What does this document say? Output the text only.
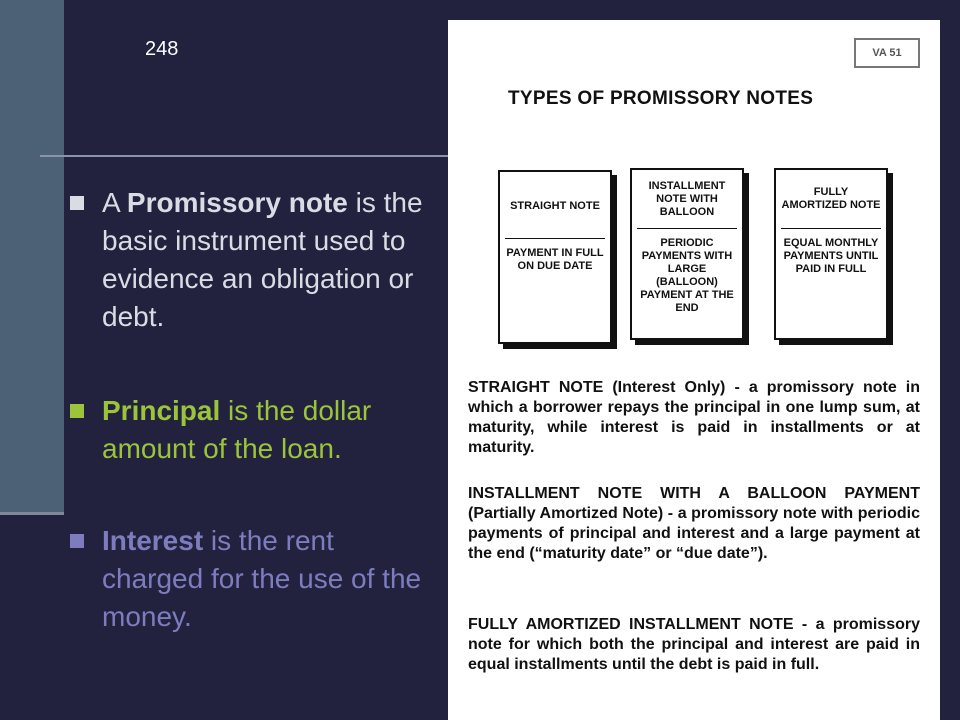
248
A Promissory note is the basic instrument used to evidence an obligation or debt.
Principal is the dollar amount of the loan.
Interest is the rent charged for the use of the money.
VA 51
TYPES OF PROMISSORY NOTES
STRAIGHT NOTE
PAYMENT IN FULL ON DUE DATE
INSTALLMENT NOTE WITH BALLOON
PERIODIC PAYMENTS WITH LARGE (BALLOON) PAYMENT AT THE END
FULLY AMORTIZED NOTE
EQUAL MONTHLY PAYMENTS UNTIL PAID IN FULL
STRAIGHT NOTE (Interest Only) - a promissory note in which a borrower repays the principal in one lump sum, at maturity, while interest is paid in installments or at maturity.
INSTALLMENT NOTE WITH A BALLOON PAYMENT (Partially Amortized Note) - a promissory note with periodic payments of principal and interest and a large payment at the end (“maturity date” or “due date”).
FULLY AMORTIZED INSTALLMENT NOTE - a promissory note for which both the principal and interest are paid in equal installments until the debt is paid in full.
